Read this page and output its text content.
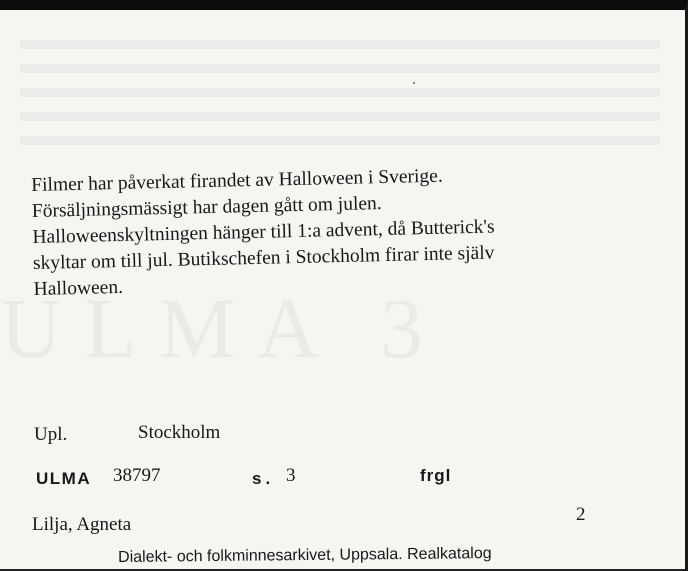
Filmer har påverkat firandet av Halloween i Sverige.
Försäljningsmässigt har dagen gått om julen.
Halloweenskyltningen hänger till 1:a advent, då Butterick's
skyltar om till jul. Butikschefen i Stockholm firar inte själv
Halloween.
Upl.	Stockholm
ULMA 38797	s. 3	frgl
Lilja, Agneta	2
Dialekt- och folkminnesarkivet, Uppsala. Realkatalog
